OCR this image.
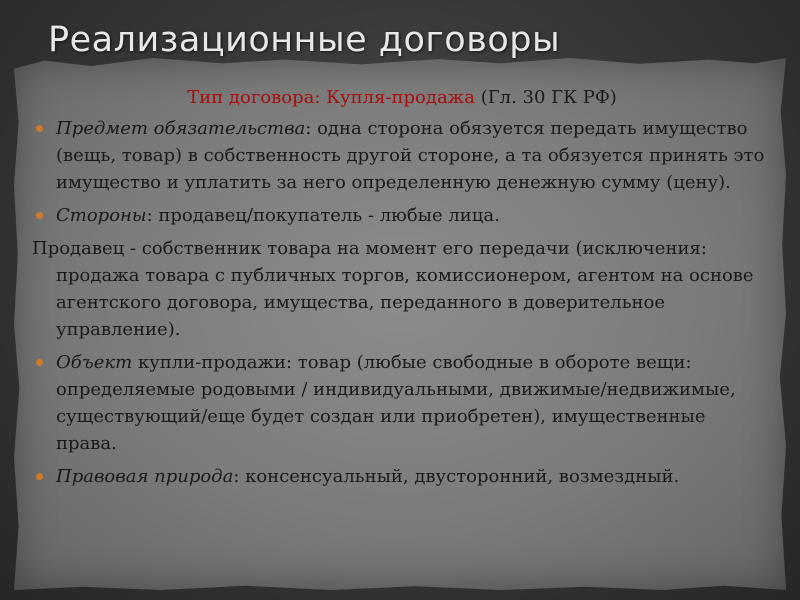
Реализационные договоры

Тип договора: Купля-продажа (Гл. 30 ГК РФ)

Предмет обязательства: одна сторона обязуется передать имущество (вещь, товар) в собственность другой стороне, а та обязуется принять это имущество и уплатить за него определенную денежную сумму (цену).
Стороны: продавец/покупатель - любые лица.

Продавец - собственник товара на момент его передачи (исключения: продажа товара с публичных торгов, комиссионером, агентом на основе агентского договора, имущества, переданного в доверительное управление).

Объект купли-продажи: товар (любые свободные в обороте вещи: определяемые родовыми / индивидуальными, движимые/недвижимые, существующий/еще будет создан или приобретен), имущественные права.
Правовая природа: консенсуальный, двусторонний, возмездный.
